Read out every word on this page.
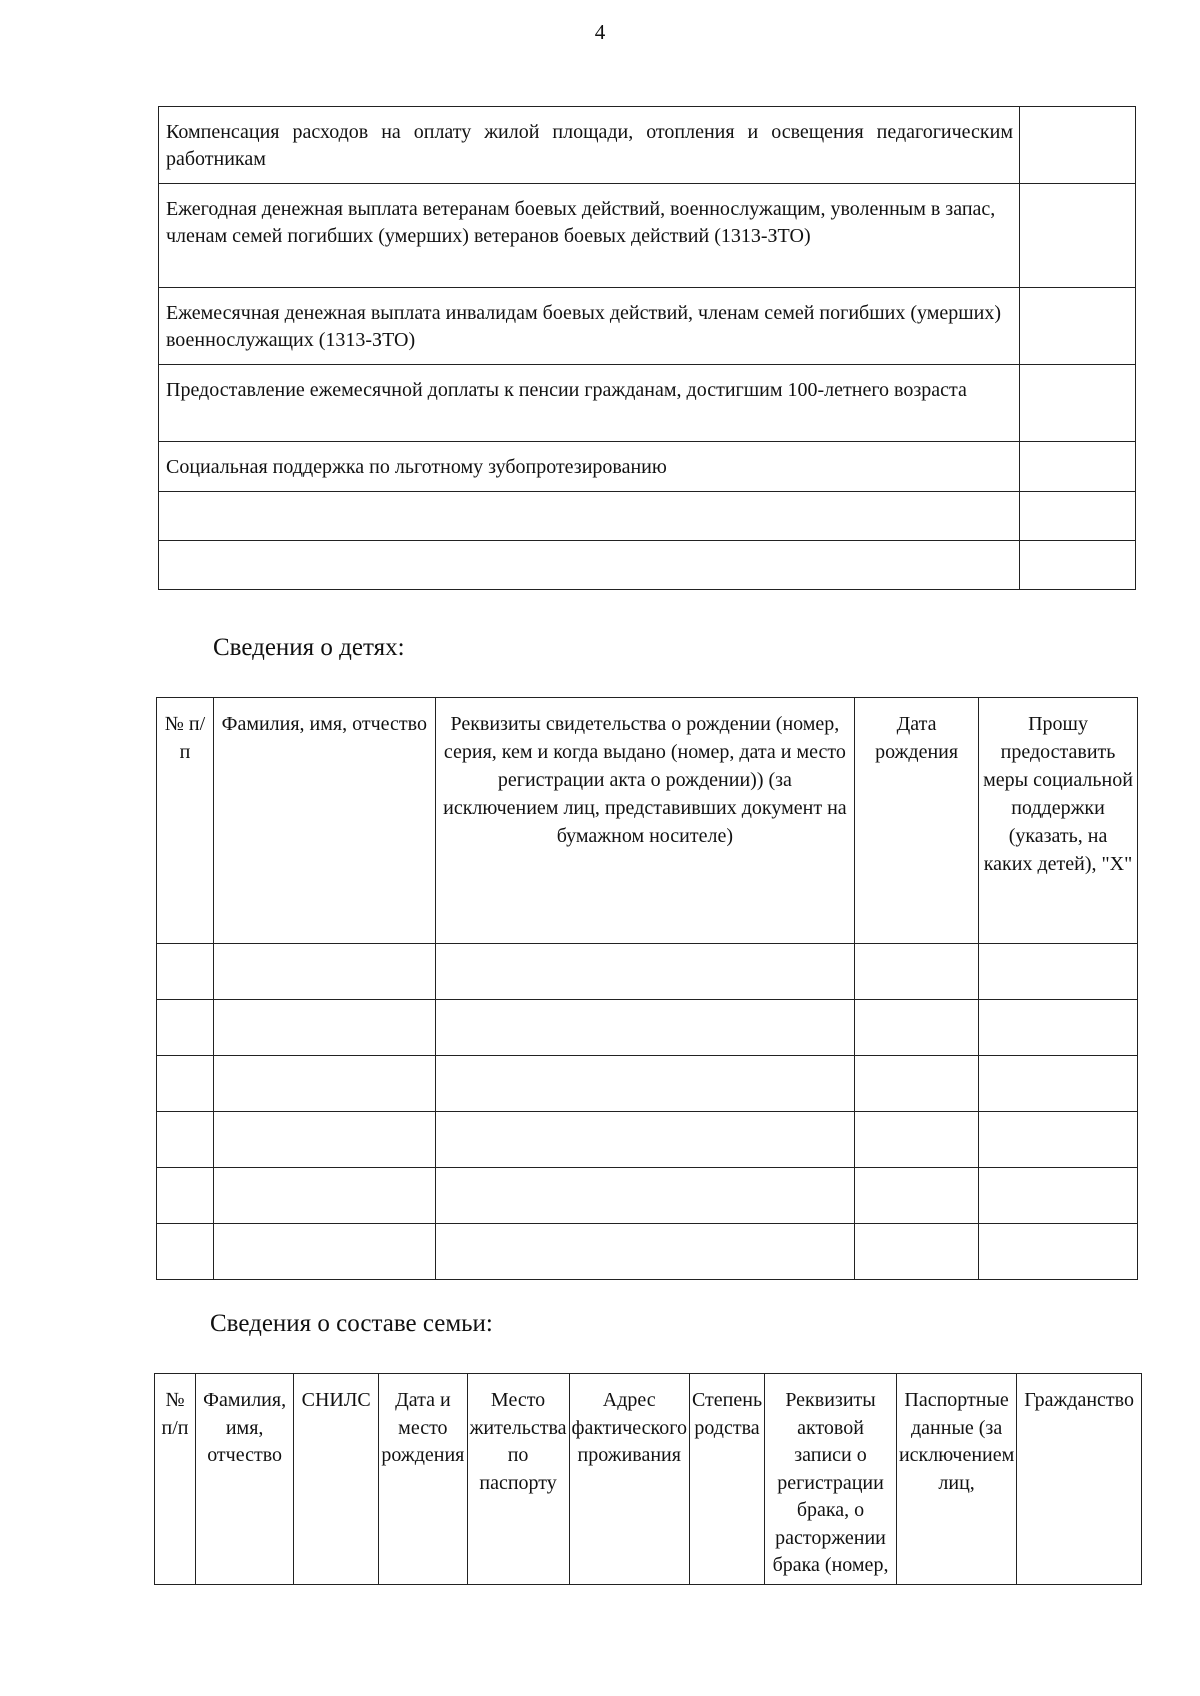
4
Компенсация расходов на оплату жилой площади, отопления и освещения педагогическим работникам	
Ежегодная денежная выплата ветеранам боевых действий, военнослужащим, уволенным в запас, членам семей погибших (умерших) ветеранов боевых действий (1313-ЗТО)	
Ежемесячная денежная выплата инвалидам боевых действий, членам семей погибших (умерших) военнослужащих (1313-ЗТО)	
Предоставление ежемесячной доплаты к пенсии гражданам, достигшим 100-летнего возраста	
Социальная поддержка по льготному зубопротезированию	

Сведения о детях:
№ п/п	Фамилия, имя, отчество	Реквизиты свидетельства о рождении (номер, серия, кем и когда выдано (номер, дата и место регистрации акта о рождении)) (за исключением лиц, представивших документ на бумажном носителе)	Дата рождения	Прошу предоставить меры социальной поддержки (указать, на каких детей), "Х"

Сведения о составе семьи:
№ п/п	Фамилия, имя, отчество	СНИЛС	Дата и место рождения	Место жительства по паспорту	Адрес фактического проживания	Степень родства	Реквизиты актовой записи о регистрации брака, о расторжении брака (номер,	Паспортные данные (за исключением лиц,	Гражданство
